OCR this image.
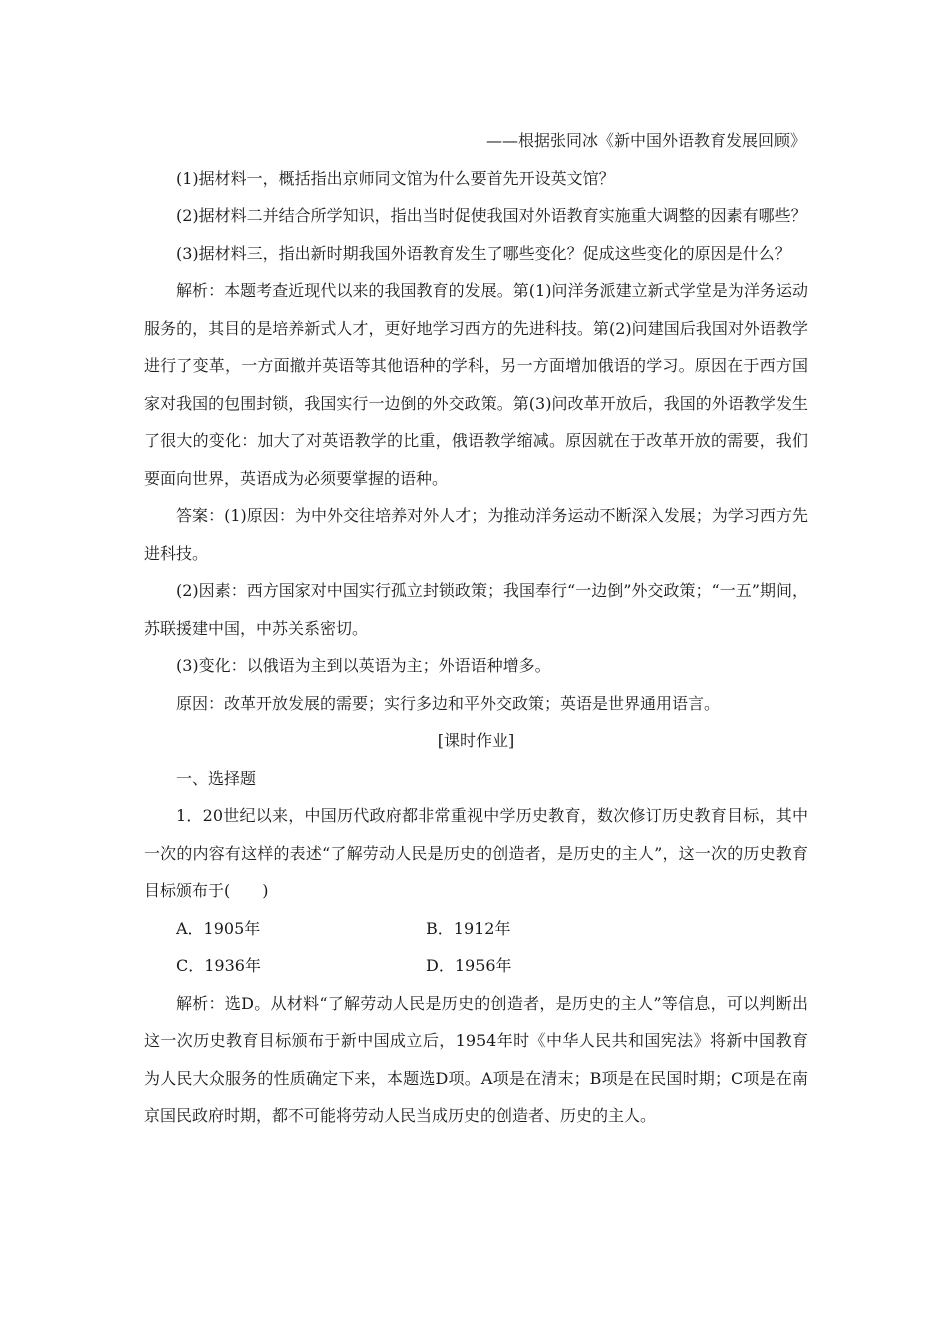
——根据张同冰《新中国外语教育发展回顾》

(1)据材料一，概括指出京师同文馆为什么要首先开设英文馆？

(2)据材料二并结合所学知识，指出当时促使我国对外语教育实施重大调整的因素有哪些？

(3)据材料三，指出新时期我国外语教育发生了哪些变化？促成这些变化的原因是什么？

解析：本题考查近现代以来的我国教育的发展。第(1)问洋务派建立新式学堂是为洋务运动服务的，其目的是培养新式人才，更好地学习西方的先进科技。第(2)问建国后我国对外语教学进行了变革，一方面撤并英语等其他语种的学科，另一方面增加俄语的学习。原因在于西方国家对我国的包围封锁，我国实行一边倒的外交政策。第(3)问改革开放后，我国的外语教学发生了很大的变化：加大了对英语教学的比重，俄语教学缩减。原因就在于改革开放的需要，我们要面向世界，英语成为必须要掌握的语种。

答案：(1)原因：为中外交往培养对外人才；为推动洋务运动不断深入发展；为学习西方先进科技。

(2)因素：西方国家对中国实行孤立封锁政策；我国奉行“一边倒”外交政策；“一五”期间，苏联援建中国，中苏关系密切。

(3)变化：以俄语为主到以英语为主；外语语种增多。

原因：改革开放发展的需要；实行多边和平外交政策；英语是世界通用语言。

[课时作业]

一、选择题

1．20世纪以来，中国历代政府都非常重视中学历史教育，数次修订历史教育目标，其中一次的内容有这样的表述“了解劳动人民是历史的创造者，是历史的主人”，这一次的历史教育目标颁布于(　　)

A．1905年	B．1912年
C．1936年	D．1956年

解析：选D。从材料“了解劳动人民是历史的创造者，是历史的主人”等信息，可以判断出这一次历史教育目标颁布于新中国成立后，1954年时《中华人民共和国宪法》将新中国教育为人民大众服务的性质确定下来，本题选D项。A项是在清末；B项是在民国时期；C项是在南京国民政府时期，都不可能将劳动人民当成历史的创造者、历史的主人。
